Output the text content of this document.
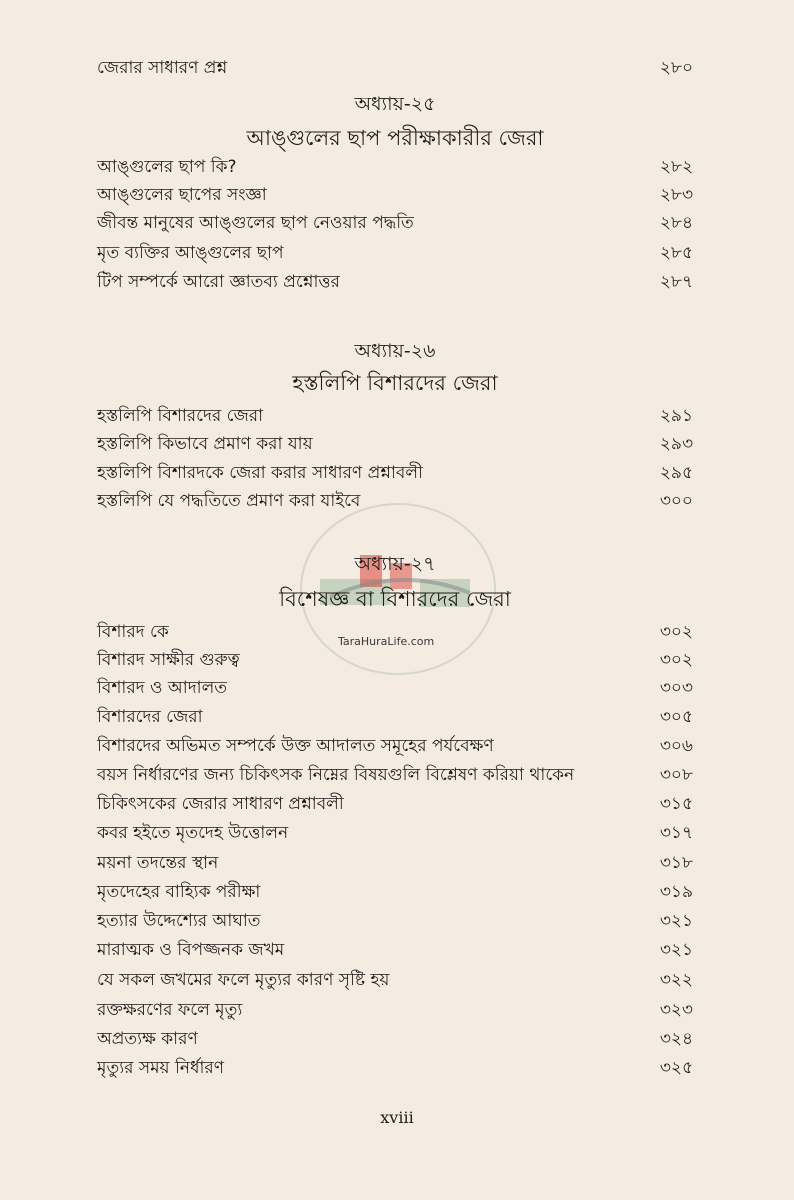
জেরার সাধারণ প্রশ্ন	২৮০
অধ্যায়-২৫
আঙ্গুলের ছাপ পরীক্ষাকারীর জেরা
আঙ্গুলের ছাপ কি?	২৮২
আঙ্গুলের ছাপের সংজ্ঞা	২৮৩
জীবন্ত মানুষের আঙ্গুলের ছাপ নেওয়ার পদ্ধতি	২৮৪
মৃত ব্যক্তির আঙ্গুলের ছাপ	২৮৫
টিপ সম্পর্কে আরো জ্ঞাতব্য প্রশ্নোত্তর	২৮৭
অধ্যায়-২৬
হস্তলিপি বিশারদের জেরা
হস্তলিপি বিশারদের জেরা	২৯১
হস্তলিপি কিভাবে প্রমাণ করা যায়	২৯৩
হস্তলিপি বিশারদকে জেরা করার সাধারণ প্রশ্নাবলী	২৯৫
হস্তলিপি যে পদ্ধতিতে প্রমাণ করা যাইবে	৩০০
TaraHuraLife.com
অধ্যায়-২৭
বিশেষজ্ঞ বা বিশারদের জেরা
বিশারদ কে	৩০২
বিশারদ সাক্ষীর গুরুত্ব	৩০২
বিশারদ ও আদালত	৩০৩
বিশারদের জেরা	৩০৫
বিশারদের অভিমত সম্পর্কে উক্ত আদালত সমূহের পর্যবেক্ষণ	৩০৬
বয়স নির্ধারণের জন্য চিকিৎসক নিম্নের বিষয়গুলি বিশ্লেষণ করিয়া থাকেন	৩০৮
চিকিৎসকের জেরার সাধারণ প্রশ্নাবলী	৩১৫
কবর হইতে মৃতদেহ উত্তোলন	৩১৭
ময়না তদন্তের স্থান	৩১৮
মৃতদেহের বাহ্যিক পরীক্ষা	৩১৯
হত্যার উদ্দেশ্যের আঘাত	৩২১
মারাত্মক ও বিপজ্জনক জখম	৩২১
যে সকল জখমের ফলে মৃত্যুর কারণ সৃষ্টি হয়	৩২২
রক্তক্ষরণের ফলে মৃত্যু	৩২৩
অপ্রত্যক্ষ কারণ	৩২৪
মৃত্যুর সময় নির্ধারণ	৩২৫
xviii
